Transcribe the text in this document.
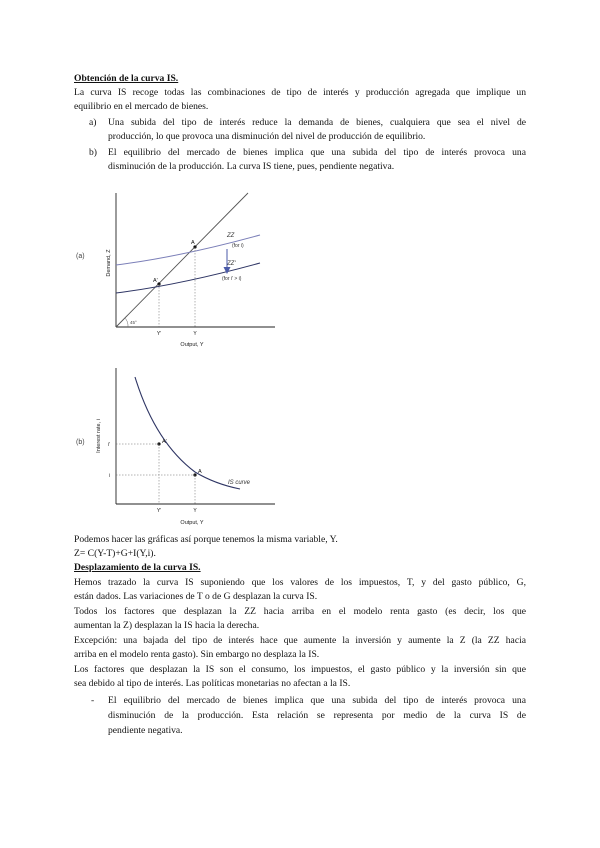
Obtención de la curva IS.
La curva IS recoge todas las combinaciones de tipo de interés y producción agregada que implique un
equilibrio en el mercado de bienes.
a) Una subida del tipo de interés reduce la demanda de bienes, cualquiera que sea el nivel de
producción, lo que provoca una disminución del nivel de producción de equilibrio.
b) El equilibrio del mercado de bienes implica que una subida del tipo de interés provoca una
disminución de la producción. La curva IS tiene, pues, pendiente negativa.
(a)	Demand, Z
45°
ZZ
(for i)
ZZ'
(for i' > i)
A
A'
Y'	Y
Output, Y
(b) Interest rate, i
IS curve
A'
A
i'
i
Y'	Y
Output, Y
Podemos hacer las gráficas así porque tenemos la misma variable, Y.
Z= C(Y-T)+G+I(Y,i).
Desplazamiento de la curva IS.
Hemos trazado la curva IS suponiendo que los valores de los impuestos, T, y del gasto público, G,
están dados. Las variaciones de T o de G desplazan la curva IS.
Todos los factores que desplazan la ZZ hacia arriba en el modelo renta gasto (es decir, los que
aumentan la Z) desplazan la IS hacia la derecha.
Excepción: una bajada del tipo de interés hace que aumente la inversión y aumente la Z (la ZZ hacia
arriba en el modelo renta gasto). Sin embargo no desplaza la IS.
Los factores que desplazan la IS son el consumo, los impuestos, el gasto público y la inversión sin que
sea debido al tipo de interés. Las políticas monetarias no afectan a la IS.
- El equilibrio del mercado de bienes implica que una subida del tipo de interés provoca una
disminución de la producción. Esta relación se representa por medio de la curva IS de
pendiente negativa.
